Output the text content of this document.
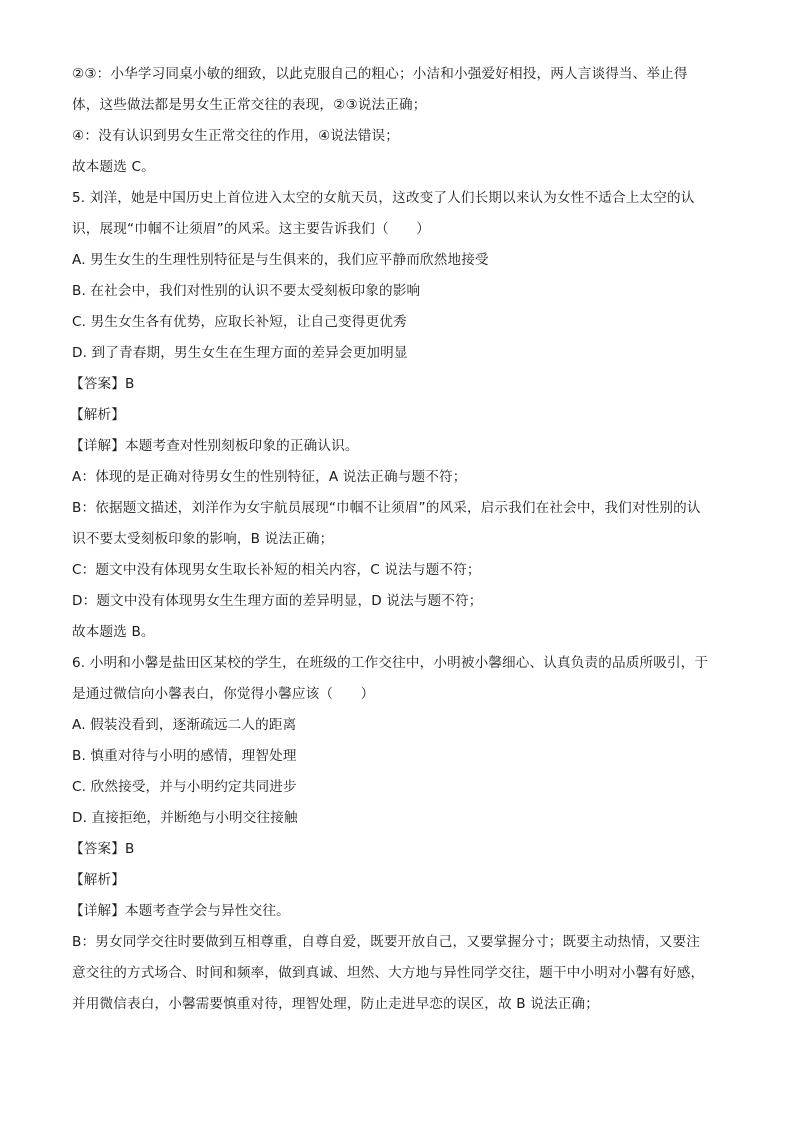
②③：小华学习同桌小敏的细致，以此克服自己的粗心；小洁和小强爱好相投，两人言谈得当、举止得
体，这些做法都是男女生正常交往的表现，②③说法正确；
④：没有认识到男女生正常交往的作用，④说法错误；
故本题选 C。
5. 刘洋，她是中国历史上首位进入太空的女航天员，这改变了人们长期以来认为女性不适合上太空的认
识，展现“巾帼不让须眉”的风采。这主要告诉我们（　　）
A. 男生女生的生理性别特征是与生俱来的，我们应平静而欣然地接受
B. 在社会中，我们对性别的认识不要太受刻板印象的影响
C. 男生女生各有优势，应取长补短，让自己变得更优秀
D. 到了青春期，男生女生在生理方面的差异会更加明显
【答案】B
【解析】
【详解】本题考查对性别刻板印象的正确认识。
A：体现的是正确对待男女生的性别特征，A 说法正确与题不符；
B：依据题文描述，刘洋作为女宇航员展现“巾帼不让须眉”的风采，启示我们在社会中，我们对性别的认
识不要太受刻板印象的影响，B 说法正确；
C：题文中没有体现男女生取长补短的相关内容，C 说法与题不符；
D：题文中没有体现男女生生理方面的差异明显，D 说法与题不符；
故本题选 B。
6. 小明和小馨是盐田区某校的学生，在班级的工作交往中，小明被小馨细心、认真负责的品质所吸引，于
是通过微信向小馨表白，你觉得小馨应该（　　）
A. 假装没看到，逐渐疏远二人的距离
B. 慎重对待与小明的感情，理智处理
C. 欣然接受，并与小明约定共同进步
D. 直接拒绝，并断绝与小明交往接触
【答案】B
【解析】
【详解】本题考查学会与异性交往。
B：男女同学交往时要做到互相尊重，自尊自爱，既要开放自己，又要掌握分寸；既要主动热情，又要注
意交往的方式场合、时间和频率，做到真诚、坦然、大方地与异性同学交往，题干中小明对小馨有好感，
并用微信表白，小馨需要慎重对待，理智处理，防止走进早恋的误区，故 B 说法正确；
